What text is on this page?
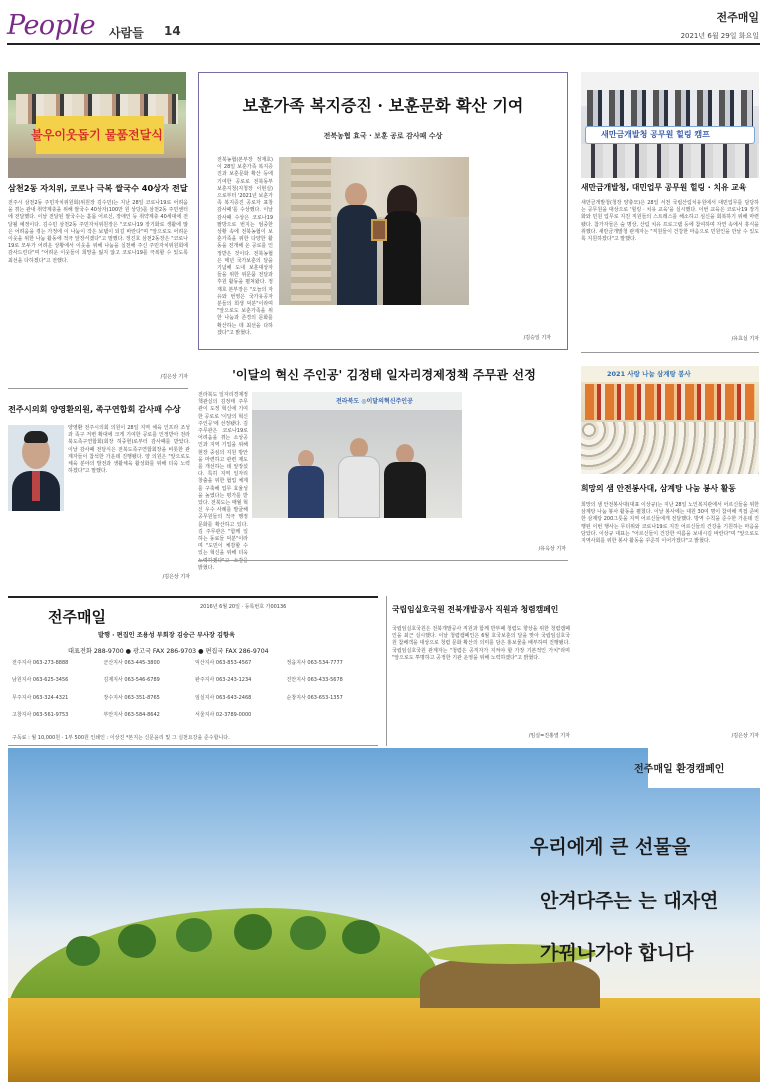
People 사람들 14
전주매일
2021년 6월 29일 화요일
불우이웃돕기 물품전달식
삼천2동 자치위, 코로나 극복 쌀국수 40상자 전달
전주시 삼천2동 주민자치위원회(위원장 김수민)는 지난 28일 코로나19로 어려움을 겪는 관내 취약계층을 위해 쌀국수 40상자(100만 원 상당)를 삼천2동 주민센터에 전달했다. 이날 전달된 쌀국수는 홀몸 어르신, 장애인 등 취약계층 40세대에 전달될 예정이다. 김수민 삼천2동 주민자치위원장은 "코로나19 장기화로 생활에 많은 어려움을 겪는 가정에 이 나눔이 작은 보탬이 되길 바란다"며 "앞으로도 어려운 이웃을 위한 나눔 활동에 적극 앞장서겠다"고 말했다. 정진호 삼천2동장은 "코로나19로 모두가 어려운 상황에서 이웃을 위해 나눔을 실천해 주신 주민자치위원회에 감사드린다"며 "어려운 이웃들이 희망을 잃지 않고 코로나19를 극복할 수 있도록 최선을 다하겠다"고 전했다.
/김은상 기자
전주시의회 양영환의원, 족구연합회 감사패 수상
양영환 전주시의회 의원이 28일 지역 체육 인프라 조성과 족구 저변 확대에 크게 기여한 공로를 인정받아 전라북도족구연합회(회장 허중현)로부터 감사패를 받았다. 이날 감사패 전달식은 전북도족구연합회장을 비롯한 관계자들이 참석한 가운데 진행됐다. 양 의원은 "앞으로도 체육 분야의 발전과 생활체육 활성화를 위해 더욱 노력하겠다"고 말했다.
/김은상 기자
전주매일
2016년 6월 20일 · 등록번호 가00136
발행 · 편집인 조용성 부회장 김승근 부사장 김항욱
대표전화 288-9700 ● 광고국 FAX 286-9703 ● 편집국 FAX 286-9704
전주지사 063-273-8888	군산지사 063-445-3800	익산지사 063-853-4567	정읍지사 063-534-7777
남원지사 063-625-3456	김제지사 063-546-6789	완주지사 063-243-1234	진안지사 063-433-5678
무주지사 063-324-4321	장수지사 063-351-8765	임실지사 063-643-2468	순창지사 063-653-1357
고창지사 063-561-9753	부안지사 063-584-8642	서울지사 02-3789-0000
구독료 : 월 10,000원 · 1부 500원 인쇄인 : 이상진 *본지는 신문윤리 및 그 실천요강을 준수합니다.
보훈가족 복지증진 · 보훈문화 확산 기여
전북농협 효국 · 보훈 공로 감사패 수상
전북농협(본부장 정재호)이 28일 보훈가족 복지증진과 보훈문화 확산 등에 기여한 공로로 전북동부보훈지청(지청장 이현실)으로부터 '2021년 보훈가족 복지증진 공로자 표창 감사패'를 수상했다. 이날 감사패 수상은 코로나19 팔방으로 번지는 엄중한 상황 속에 전북농협이 보훈가족을 위한 다양한 활동을 전개해 온 공로를 인정받은 것이다. 전북농협은 매년 국가보훈의 달을 기념해 도내 보훈대상자들을 위한 위문품 전달과 후원 활동을 펼쳐왔다. 정재호 본부장은 "오늘의 자유와 번영은 국가유공자 분들의 희생 덕분"이라며 "앞으로도 보훈가족을 위한 나눔과 존경의 문화를 확산하는 데 최선을 다하겠다"고 밝혔다.
/김승일 기자
'이달의 혁신 주인공' 김정태 일자리경제정책 주무관 선정
전라북도 일자리경제정책관실의 김정태 주무관이 도정 혁신에 기여한 공로로 '이달의 혁신 주인공'에 선정됐다. 김 주무관은 코로나19로 어려움을 겪는 소상공인과 지역 기업을 위해 현장 중심의 지원 방안을 마련하고 관련 제도를 개선하는 데 앞장섰다. 특히 지역 일자리 창출을 위한 협업 체계를 구축해 업무 효율성을 높였다는 평가를 받았다. 전북도는 매월 혁신 우수 사례를 발굴해 공무원들의 적극 행정 문화를 확산하고 있다. 김 주무관은 "함께 일하는 동료들 덕분"이라며 "도민이 체감할 수 있는 혁신을 위해 더욱 밝혔다.
전라북도 ◎이달의혁신주인공
/유옥상 기자
국립임실호국원 전북개발공사 직원과 청렴캠페인
국립임실호국원은 전북개발공사 직원과 함께 반부패 청렴도 향상을 위한 청렴캠페인을 최근 실시했다. 이날 청렴캠페인은 6월 호국보훈의 달을 맞아 국립임실호국원 참배객을 대상으로 청렴 문화 확산의 의미를 담은 홍보물을 배부하며 진행됐다. 국립임실호국원 관계자는 "청렴은 공직자가 지켜야 할 가장 기본적인 가치"라며 "앞으로도 투명하고 공정한 기관 운영을 위해 노력하겠다"고 밝혔다.
/임실=진홍열 기자
새만금개발청 공무원 힐링 캠프
새만금개발청, 대민업무 공무원 힐링 · 치유 교육
새만금개발청(청장 양충모)은 28일 서천 국립산림치유원에서 대민업무를 담당하는 공무원을 대상으로 '힐링 · 치유 교육'을 실시했다. 이번 교육은 코로나19 장기화와 민원 업무로 지친 직원들의 스트레스를 해소하고 심신을 회복하기 위해 마련됐다. 참가자들은 숲 명상, 산림 치유 프로그램 등에 참여하며 자연 속에서 휴식을 취했다. 새만금개발청 관계자는 "직원들이 건강한 마음으로 민원인을 만날 수 있도록 지원하겠다"고 말했다.
/유효실 기자
2021 사랑 나눔 삼계탕 봉사
희망의 샘 안전봉사대, 삼계탕 나눔 봉사 활동
희망의 샘 안전봉사대(대표 이상규)는 지난 28일 노인복지관에서 어르신들을 위한 삼계탕 나눔 봉사 활동을 펼쳤다. 이날 봉사에는 대원 30여 명이 참여해 직접 준비한 삼계탕 200그릇을 지역 어르신들에게 전달했다. 방역 수칙을 준수한 가운데 진행된 이번 행사는 무더위와 코로나19로 지친 어르신들의 건강을 기원하는 마음을 담았다. 이상규 대표는 "어르신들이 건강한 여름을 보내시길 바란다"며 "앞으로도 지역사회를 위한 봉사 활동을 꾸준히 이어가겠다"고 밝혔다.
/김은상 기자
전주매일 환경캠페인
우리에게 큰 선물을
안겨다주는 는 대자연
가꿔나가야 합니다
